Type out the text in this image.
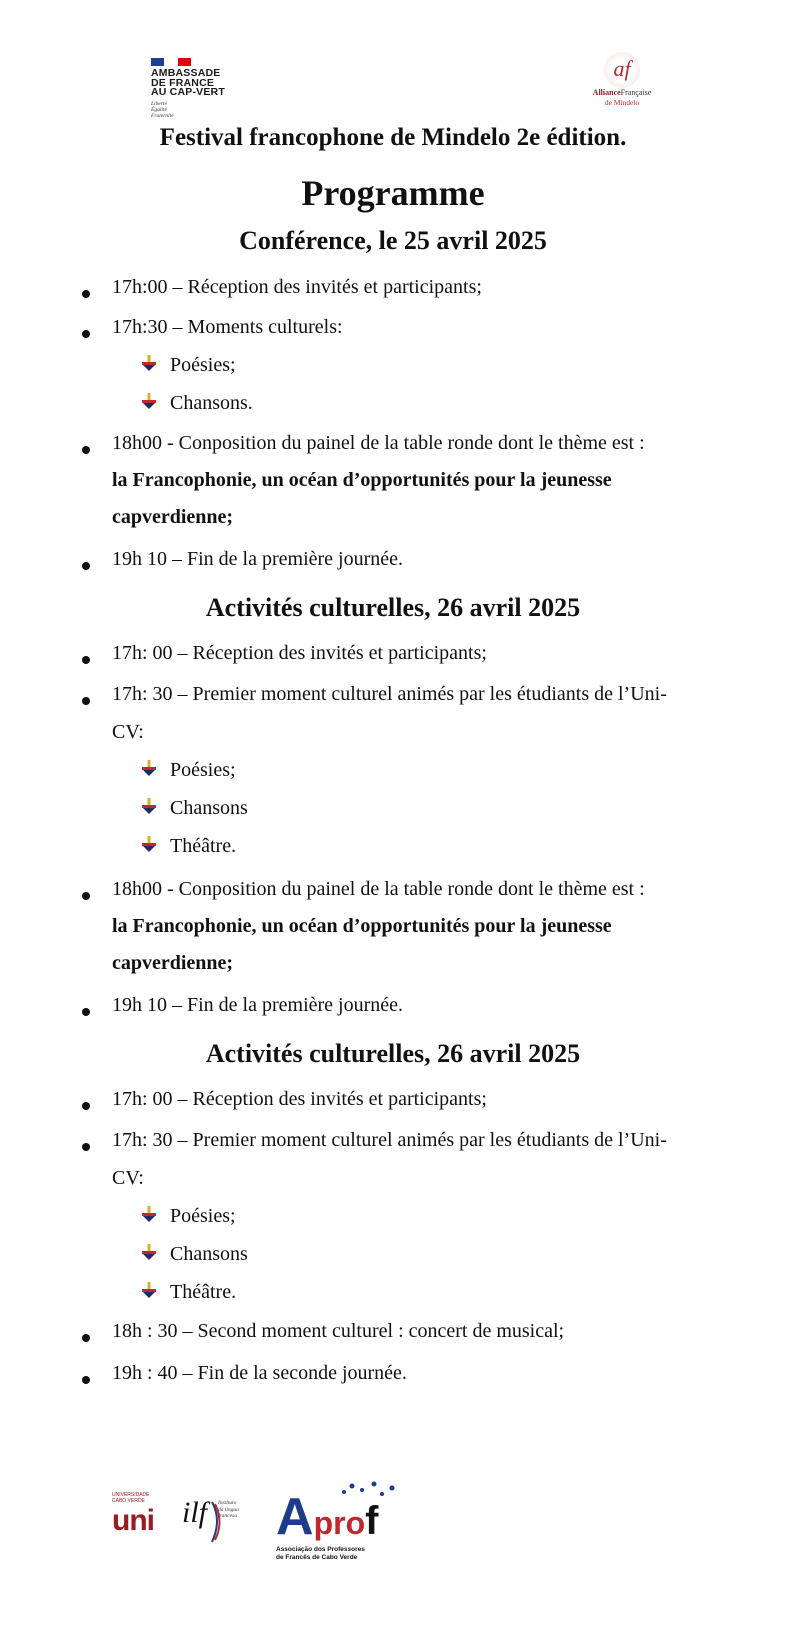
AMBASSADE
DE FRANCE
AU CAP-VERT
Liberté
Égalité
Fraternité
af
AllianceFrançaise
de Mindelo
Festival francophone de Mindelo 2e édition.
Programme
Conférence, le 25 avril 2025
17h:00 – Réception des invités et participants;
17h:30 – Moments culturels:
Poésies;
Chansons.
18h00 - Conposition du painel de la table ronde dont le thème est :
la Francophonie, un océan d’opportunités pour la jeunesse
capverdienne;
19h 10 – Fin de la première journée.
Activités culturelles, 26 avril 2025
17h: 00 – Réception des invités et participants;
17h: 30 – Premier moment culturel animés par les étudiants de l’Uni-
CV:
Poésies;
Chansons
Théâtre.
18h00 - Conposition du painel de la table ronde dont le thème est :
la Francophonie, un océan d’opportunités pour la jeunesse
capverdienne;
19h 10 – Fin de la première journée.
Activités culturelles, 26 avril 2025
17h: 00 – Réception des invités et participants;
17h: 30 – Premier moment culturel animés par les étudiants de l’Uni-
CV:
Poésies;
Chansons
Théâtre.
18h : 30 – Second moment culturel : concert de musical;
19h : 40 – Fin de la seconde journée.
UNIVERSIDADE
CABO VERDE
uni ilf Instituto
da língua
francesa Aprof
Associação dos Professores
de Francês de Cabo Verde
